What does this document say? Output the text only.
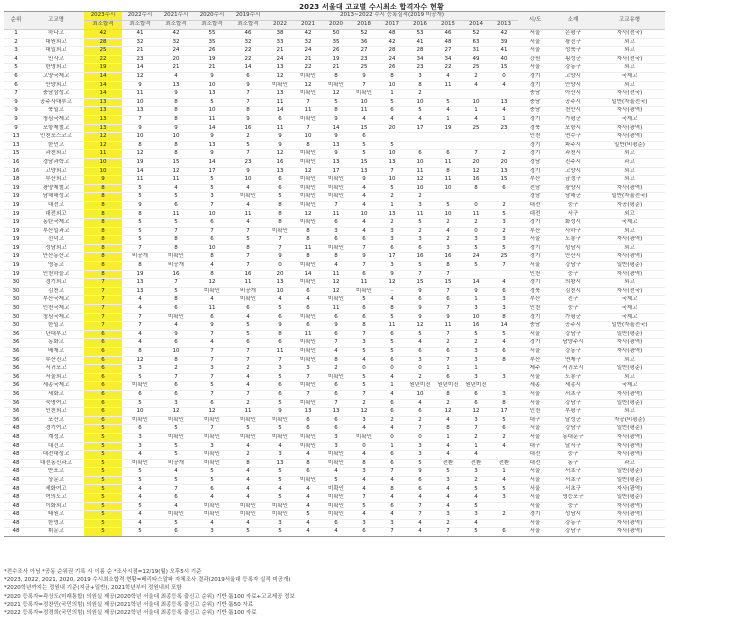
2023 서울대 고교별 수시최소 합격자수 현황
순위	고교명	2023수시	2022수시	2021수시	2020수시	2019수시	2013~2022 수시 등록실적(2019 미공개)									시/도	소재	고교유형
		최소합격	최소합격	최소합격	최소합격	최소합격	2022	2021	2020	2018	2017	2016	2015	2014	2013			
1	하나고	42	41	42	55	46	38	42	50	52	48	53	46	52	42	서울	은평구	자사(전국)
2	대원외고	28	32	32	35	32	33	32	35	36	42	41	48	63	39	서울	광진구	외고
3	대일외고	25	21	24	26	22	21	24	26	27	28	28	27	31	41	서울	성북구	외고
4	민사고	22	23	20	19	22	24	21	19	23	24	34	34	49	40	강원	횡성군	자사(전국)
5	한영외고	19	14	21	21	14	13	22	21	25	26	23	22	25	15	서울	강동구	외고
6	고양국제고	14	12	4	9	6	12	미확인	8	9	8	3	4	2	0	경기	고양시	국제고
6	안양외고	14	9	13	10	9	미확인	12	미확인	7	10	8	11	4	4	경기	안양시	외고
7	충남삼성고	14	11	9	13	7	13	미확인	12	미확인	1	2				충남	아산시	자사(전국)
9	공주사대부고	13	10	8	5	7	11	7	5	10	5	10	5	10	13	충남	공주시	일반(자율전국)
9	북일고	13	13	8	10	8	14	11	8	11	6	5	4	1	4	충남	천안시	자사(광역)
9	청심국제고	13	7	8	11	9	6	미확인	9	4	4	4	1	4	1	경기	가평군	국제고
9	포항제철고	13	9	9	14	16	11	7	14	15	20	17	19	25	23	경북	포항시	자사(광역)
13	인천포스코고	12	10	10	9	2	9	10	9	6						인천	연수구	자사(광역)
13	한민고	12	8	8	13	5	9	8	13	5	5					경기	파주시	일반(비평준)
15	과천외고	11	12	8	9	7	12	미확인	9	5	10	6	6	7	2	경기	과천시	외고
16	경남과학고	10	19	15	14	23	16	미확인	13	15	13	10	11	20	20	경남	진주시	과고
16	고양외고	10	14	12	17	9	13	12	17	13	7	11	8	12	13	경기	고양시	외고
18	부산외고	9	11	11	5	10	6	미확인	미확인	9	10	12	11	16	15	부산	금정구	외고
19	광양제철고	8	5	4	5	4	6	미확인	미확인	4	5	10	10	8	6	전남	광양시	자사(광역)
19	남해해성고	8	5	5	3	미확인	5	미확인	미확인	4	2	2				경남	남해군	일반(자율전국)
19	대전고	8	9	6	7	4	8	미확인	7	4	1	3	5	0	2	대전	중구	자공(평준)
19	대전외고	8	8	11	10	11	8	12	11	10	13	11	10	11	5	대전	서구	외고
19	동탄국제고	8	5	5	6	4	8	미확인	6	4	2	5	2	2	3	경기	화성시	국제고
19	부산일과고	8	5	7	7	7	미확인	8	3	4	3	2	4	0	2	부산	사하구	외고
19	선덕고	8	5	8	6	5	7	8	6	6	3	3	2	3	3	서울	도봉구	자사(광역)
19	성남외고	8	7	8	10	8	7	11	미확인	7	6	6	3	5	5	경기	성남시	외고
19	안산동산고	8	비공개	미확인	8	7	9	8	8	9	17	16	16	24	25	경기	안산시	자사(광역)
19	영동고	8	8	비공개	4	7	0	미확인	4	7	3	5	8	5	7	서울	강남구	일반(평준)
19	인천하늘고	8	19	16	8	16	20	14	11	6	9	7	7			인천	중구	자사(광역)
30	경기외고	7	13	7	12	11	13	미확인	12	11	12	15	15	14	4	경기	의왕시	외고
30	김천고	7	13	5	미확인	비공개	10	6	12	미확인	-	9	7	9	6	경북	김천시	자사(전국)
30	부산국제고	7	4	8	4	미확인	4	4	미확인	5	4	6	6	1	3	부산	진구	국제고
30	인천국제고	7	4	6	11	6	5	6	11	6	8	9	7	3	3	인천	중구	국제고
30	청심국제고	7	7	미확인	6	4	6	미확인	6	6	5	9	9	10	8	경기	가평군	국제고
30	한일고	7	7	4	9	5	9	6	9	8	11	12	11	16	14	충남	공주시	일반(자율전국)
36	단대부고	6	4	9	7	5	8	11	6	7	6	5	7	5	5	서울	강남구	일반(평준)
36	동화고	6	4	6	4	6	6	미확인	7	3	5	4	2	2	4	경기	남양주시	자사(광역)
36	배재고	6	8	10	7	7	11	미확인	4	5	5	6	6	3	6	서울	강동구	자사(광역)
36	부산진고	6	12	8	7	7	7	미확인	8	4	6	3	7	3	8	부산	연제구	외고
36	서귀포고	6	3	2	3	2	3	3	2	0	0	0	1	1		제주	서귀포시	일반(평준)
36	서울외고	6	5	7	7	4	5	7	미확인	5	4	2	6	3	3	서울	도봉구	외고
36	세종국제고	6	미확인	6	5	4	6	미확인	6	5	1	원년미진	원년미진	원년미진		세종	세종시	국제고
36	세화고	6	6	6	7	7	6	7	6	7	4	10	8	6	3	서울	서초구	자사(광역)
36	숙명여고	6	5	3	6	2	5	미확인	7	2	6	4	2	6	8	서울	강남구	일반(평준)
36	인천외고	6	10	12	12	11	9	13	13	12	6	6	12	12	17	인천	부평구	외고
36	포산고	6	미확인	미확인	미확인	미확인	미확인	6	6	3	2	2	4	3	5	대구	달성군	자공(비평준)
48	경기여고	5	6	5	7	5	5	6	6	4	4	7	8	7	6	서울	강남구	일반(평준)
48	계성고	5	3	미확인	미확인	미확인	미확인	미확인	3	미확인	0	0	1	2	2	서울	동대문구	자사(광역)
48	대건고	5	3	5	3	4	4	미확인	3	0	1	3	4	1	4	대구	달서구	자사(광역)
48	대전대성고	5	4	5	미확인	2	3	4	미확인	4	6	3	4	4		대전	중구	자사(광역)
48	대전동신과고	5	미확인	비공개	미확인	8	13	8	미확인	8	6	5	전환	전환	전환	대전	동구	과고
48	반포고	5	5	4	5	4	5	6	4	3	7	9	5	3	1	서울	서초구	일반(평준)
48	상문고	5	5	5	5	4	5	미확인	5	4	4	6	3	2	4	서울	서초구	일반(평준)
48	세화여고	5	4	7	6	4	4	4	미확인	4	8	6	4	5	5	서울	서초구	자사(광역)
48	여의도고	5	4	6	4	4	5	4	미확인	7	4	4	4	4	3	서울	영등포구	일반(평준)
48	이화외고	5	5	4	미확인	미확인	미확인	4	미확인	5	6	7	4	5		서울	중구	자사(광역)
48	태원고	5	4	미확인	미확인	미확인	미확인	5	미확인	4	4	7	3	3	2	경기	성남시	자사(광역)
48	한영고	5	4	5	4	4	3	4	6	3	3	4	2	4		서울	강동구	자사(광역)
48	휘문고	5	5	6	3	5	5	4	4	6	7	4	7	5	6	서울	강남구	자사(광역)
*전수조사 아님 *공동 순위권 기록 시 이름 순 *조사시점=12/19(월) 오후5시 기준
*2023, 2022, 2021, 2020, 2019 수시최소합격 현황=베리타스알파 자체조사 결과(2019서울대 등록자 실적 미공개)
*2020학년까지는 정원내 기준(지균+일반), 2021학년부터 정원내외 포함
*2020 등록자=곽상도(미래통합) 의원실 제공(2020학년 서울대 최종등록 출신고 순위) 기반 톱100 자료+고교제공 정보
*2021 등록자=정찬민(국민의힘) 의원실 제공(2021학년 서울대 최종등록 출신고 순위) 기반 톱50 자료
*2022 등록자=정경희(국민의힘) 의원실 제공(2022학년 서울대 최종등록 출신고 순위) 기반 톱100 자료
